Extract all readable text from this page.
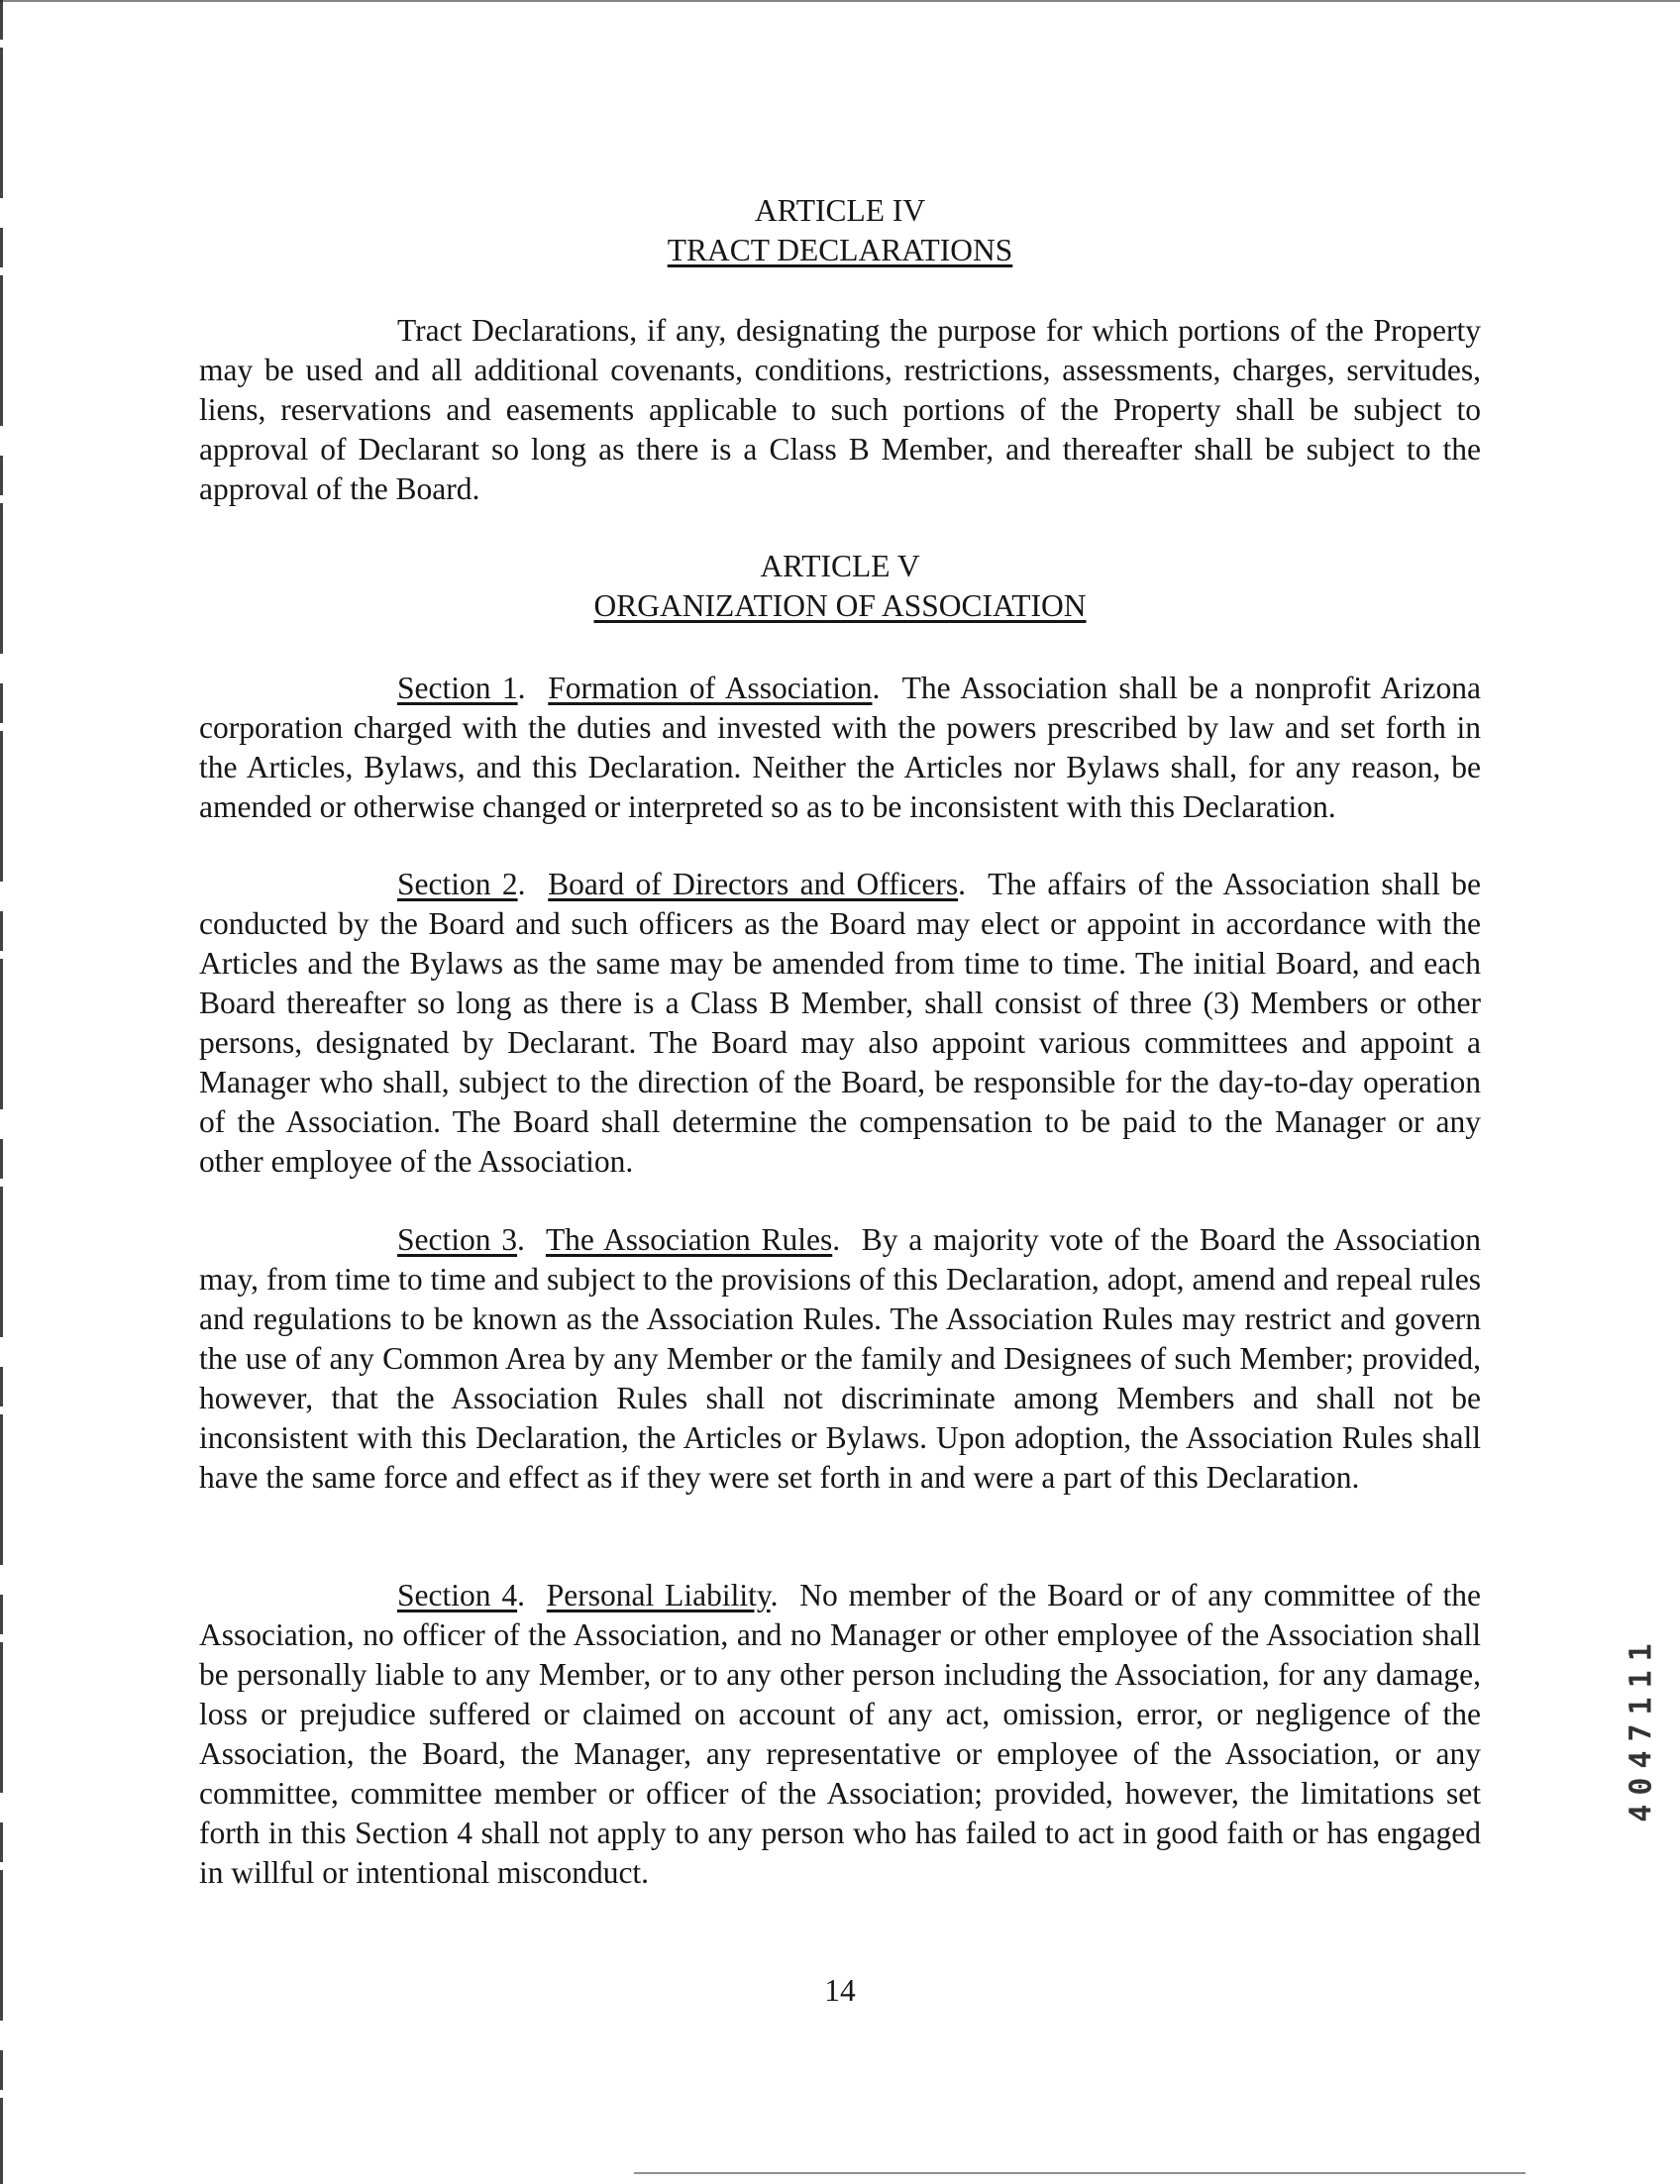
ARTICLE IV
TRACT DECLARATIONS

Tract Declarations, if any, designating the purpose for which portions of the Property may be used and all additional covenants, conditions, restrictions, assessments, charges, servitudes, liens, reservations and easements applicable to such portions of the Property shall be subject to approval of Declarant so long as there is a Class B Member, and thereafter shall be subject to the approval of the Board.

ARTICLE V
ORGANIZATION OF ASSOCIATION

Section 1.  Formation of Association.  The Association shall be a nonprofit Arizona corporation charged with the duties and invested with the powers prescribed by law and set forth in the Articles, Bylaws, and this Declaration. Neither the Articles nor Bylaws shall, for any reason, be amended or otherwise changed or interpreted so as to be inconsistent with this Declaration.

Section 2.  Board of Directors and Officers.  The affairs of the Association shall be conducted by the Board and such officers as the Board may elect or appoint in accordance with the Articles and the Bylaws as the same may be amended from time to time. The initial Board, and each Board thereafter so long as there is a Class B Member, shall consist of three (3) Members or other persons, designated by Declarant. The Board may also appoint various committees and appoint a Manager who shall, subject to the direction of the Board, be responsible for the day-to-day operation of the Association. The Board shall determine the compensation to be paid to the Manager or any other employee of the Association.

Section 3.  The Association Rules.  By a majority vote of the Board the Association may, from time to time and subject to the provisions of this Declaration, adopt, amend and repeal rules and regulations to be known as the Association Rules. The Association Rules may restrict and govern the use of any Common Area by any Member or the family and Designees of such Member; provided, however, that the Association Rules shall not discriminate among Members and shall not be inconsistent with this Declaration, the Articles or Bylaws. Upon adoption, the Association Rules shall have the same force and effect as if they were set forth in and were a part of this Declaration.

Section 4.  Personal Liability.  No member of the Board or of any committee of the Association, no officer of the Association, and no Manager or other employee of the Association shall be personally liable to any Member, or to any other person including the Association, for any damage, loss or prejudice suffered or claimed on account of any act, omission, error, or negligence of the Association, the Board, the Manager, any representative or employee of the Association, or any committee, committee member or officer of the Association; provided, however, the limitations set forth in this Section 4 shall not apply to any person who has failed to act in good faith or has engaged in willful or intentional misconduct.

14
4047111
